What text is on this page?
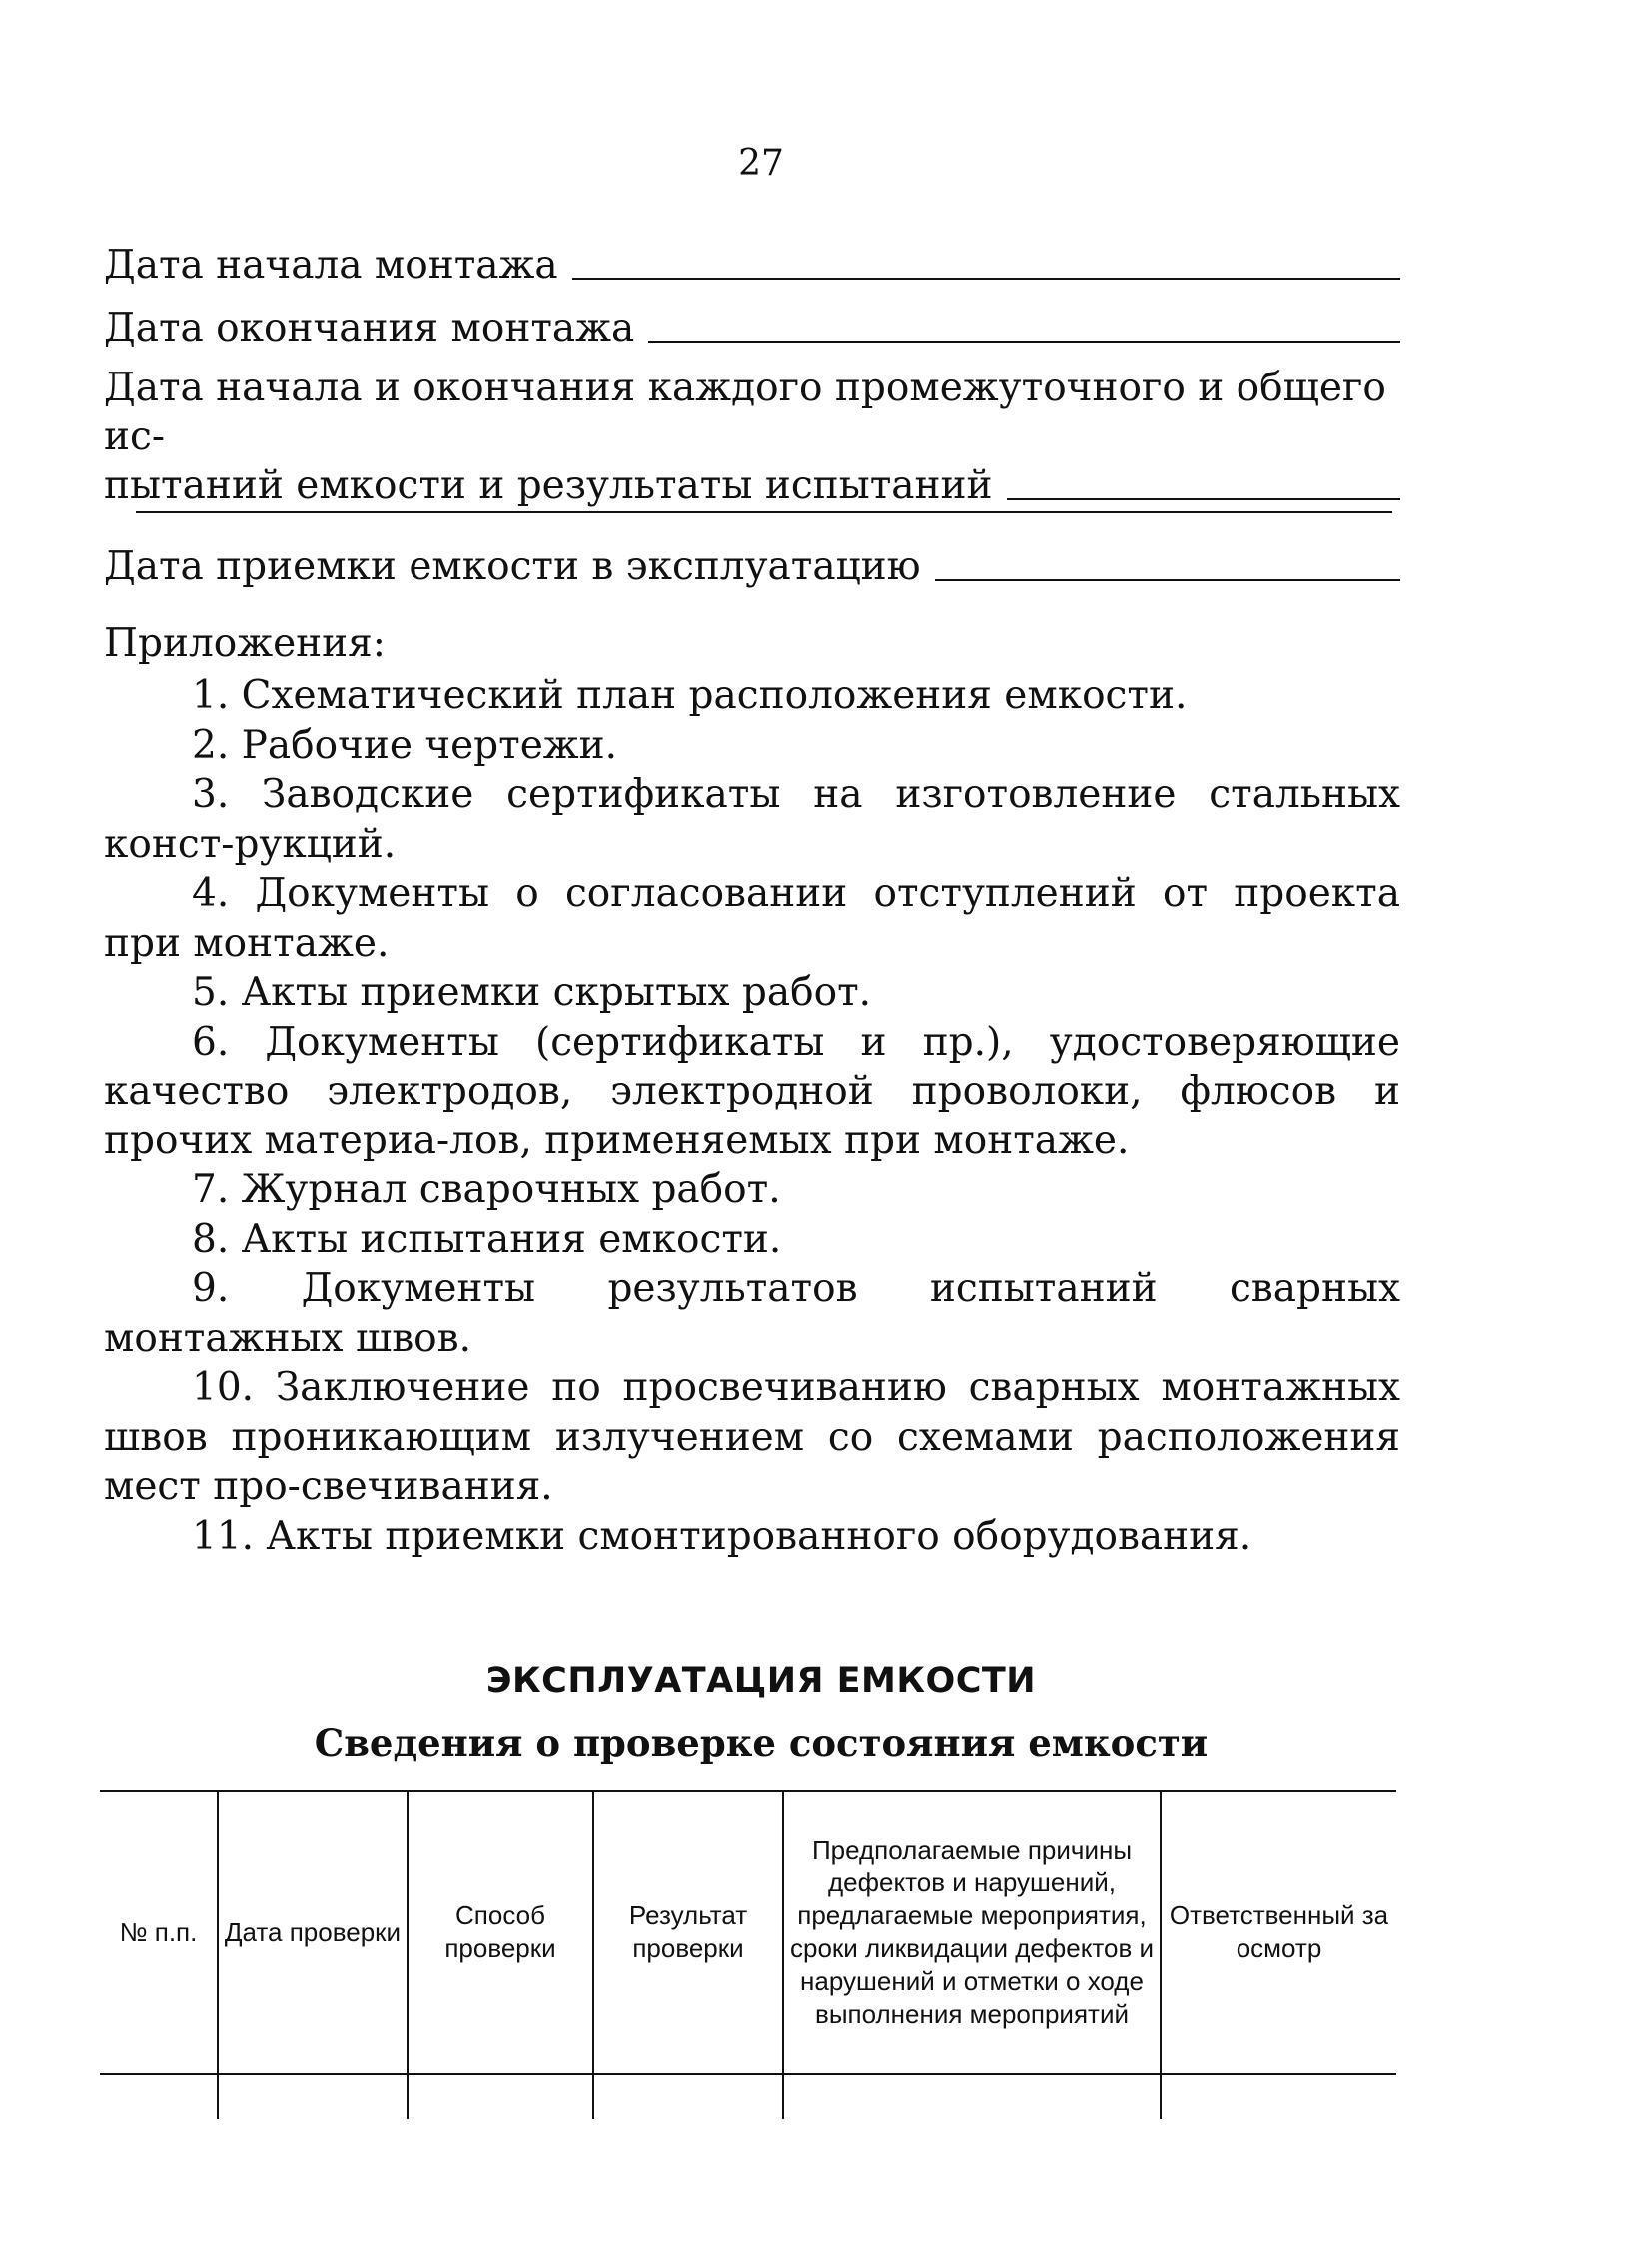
27
Дата начала монтажа
Дата окончания монтажа
Дата начала и окончания каждого промежуточного и общего ис-
пытаний емкости и результаты испытаний
Дата приемки емкости в эксплуатацию
Приложения:
1. Схематический план расположения емкости.
2. Рабочие чертежи.
3. Заводские сертификаты на изготовление стальных конст-рукций.
4. Документы о согласовании отступлений от проекта при монтаже.
5. Акты приемки скрытых работ.
6. Документы (сертификаты и пр.), удостоверяющие качество электродов, электродной проволоки, флюсов и прочих материа-лов, применяемых при монтаже.
7. Журнал сварочных работ.
8. Акты испытания емкости.
9. Документы результатов испытаний сварных монтажных швов.
10. Заключение по просвечиванию сварных монтажных швов проникающим излучением со схемами расположения мест про-свечивания.
11. Акты приемки смонтированного оборудования.
ЭКСПЛУАТАЦИЯ ЕМКОСТИ
Сведения о проверке состояния емкости
№ п.п.	Дата проверки	Способ проверки	Результат проверки	Предполагаемые причины дефектов и нарушений, предлагаемые мероприятия, сроки ликвидации дефектов и нарушений и отметки о ходе выполнения мероприятий	Ответственный за осмотр
